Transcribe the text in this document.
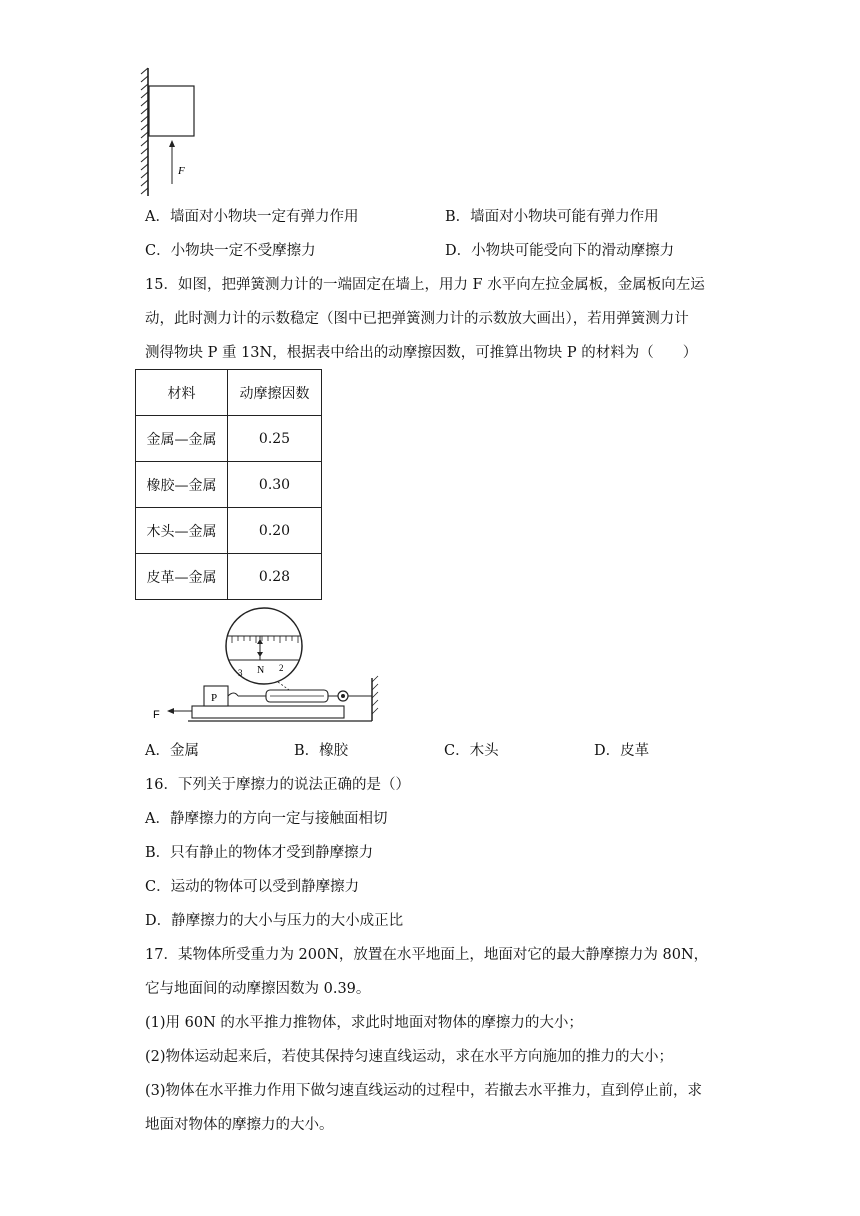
F
A．墙面对小物块一定有弹力作用	B．墙面对小物块可能有弹力作用
C．小物块一定不受摩擦力	D．小物块可能受向下的滑动摩擦力
15．如图，把弹簧测力计的一端固定在墙上，用力 F 水平向左拉金属板，金属板向左运
动，此时测力计的示数稳定（图中已把弹簧测力计的示数放大画出），若用弹簧测力计
测得物块 P 重 13N，根据表中给出的动摩擦因数，可推算出物块 P 的材料为（　　）
材料	动摩擦因数
金属—金属	0.25
橡胶—金属	0.30
木头—金属	0.20
皮革—金属	0.28
N
3	2
P
F
A．金属	B．橡胶	C．木头	D．皮革
16．下列关于摩擦力的说法正确的是（）
A．静摩擦力的方向一定与接触面相切
B．只有静止的物体才受到静摩擦力
C．运动的物体可以受到静摩擦力
D．静摩擦力的大小与压力的大小成正比
17．某物体所受重力为 200N，放置在水平地面上，地面对它的最大静摩擦力为 80N，
它与地面间的动摩擦因数为 0.39。
(1)用 60N 的水平推力推物体，求此时地面对物体的摩擦力的大小；
(2)物体运动起来后，若使其保持匀速直线运动，求在水平方向施加的推力的大小；
(3)物体在水平推力作用下做匀速直线运动的过程中，若撤去水平推力，直到停止前，求
地面对物体的摩擦力的大小。
